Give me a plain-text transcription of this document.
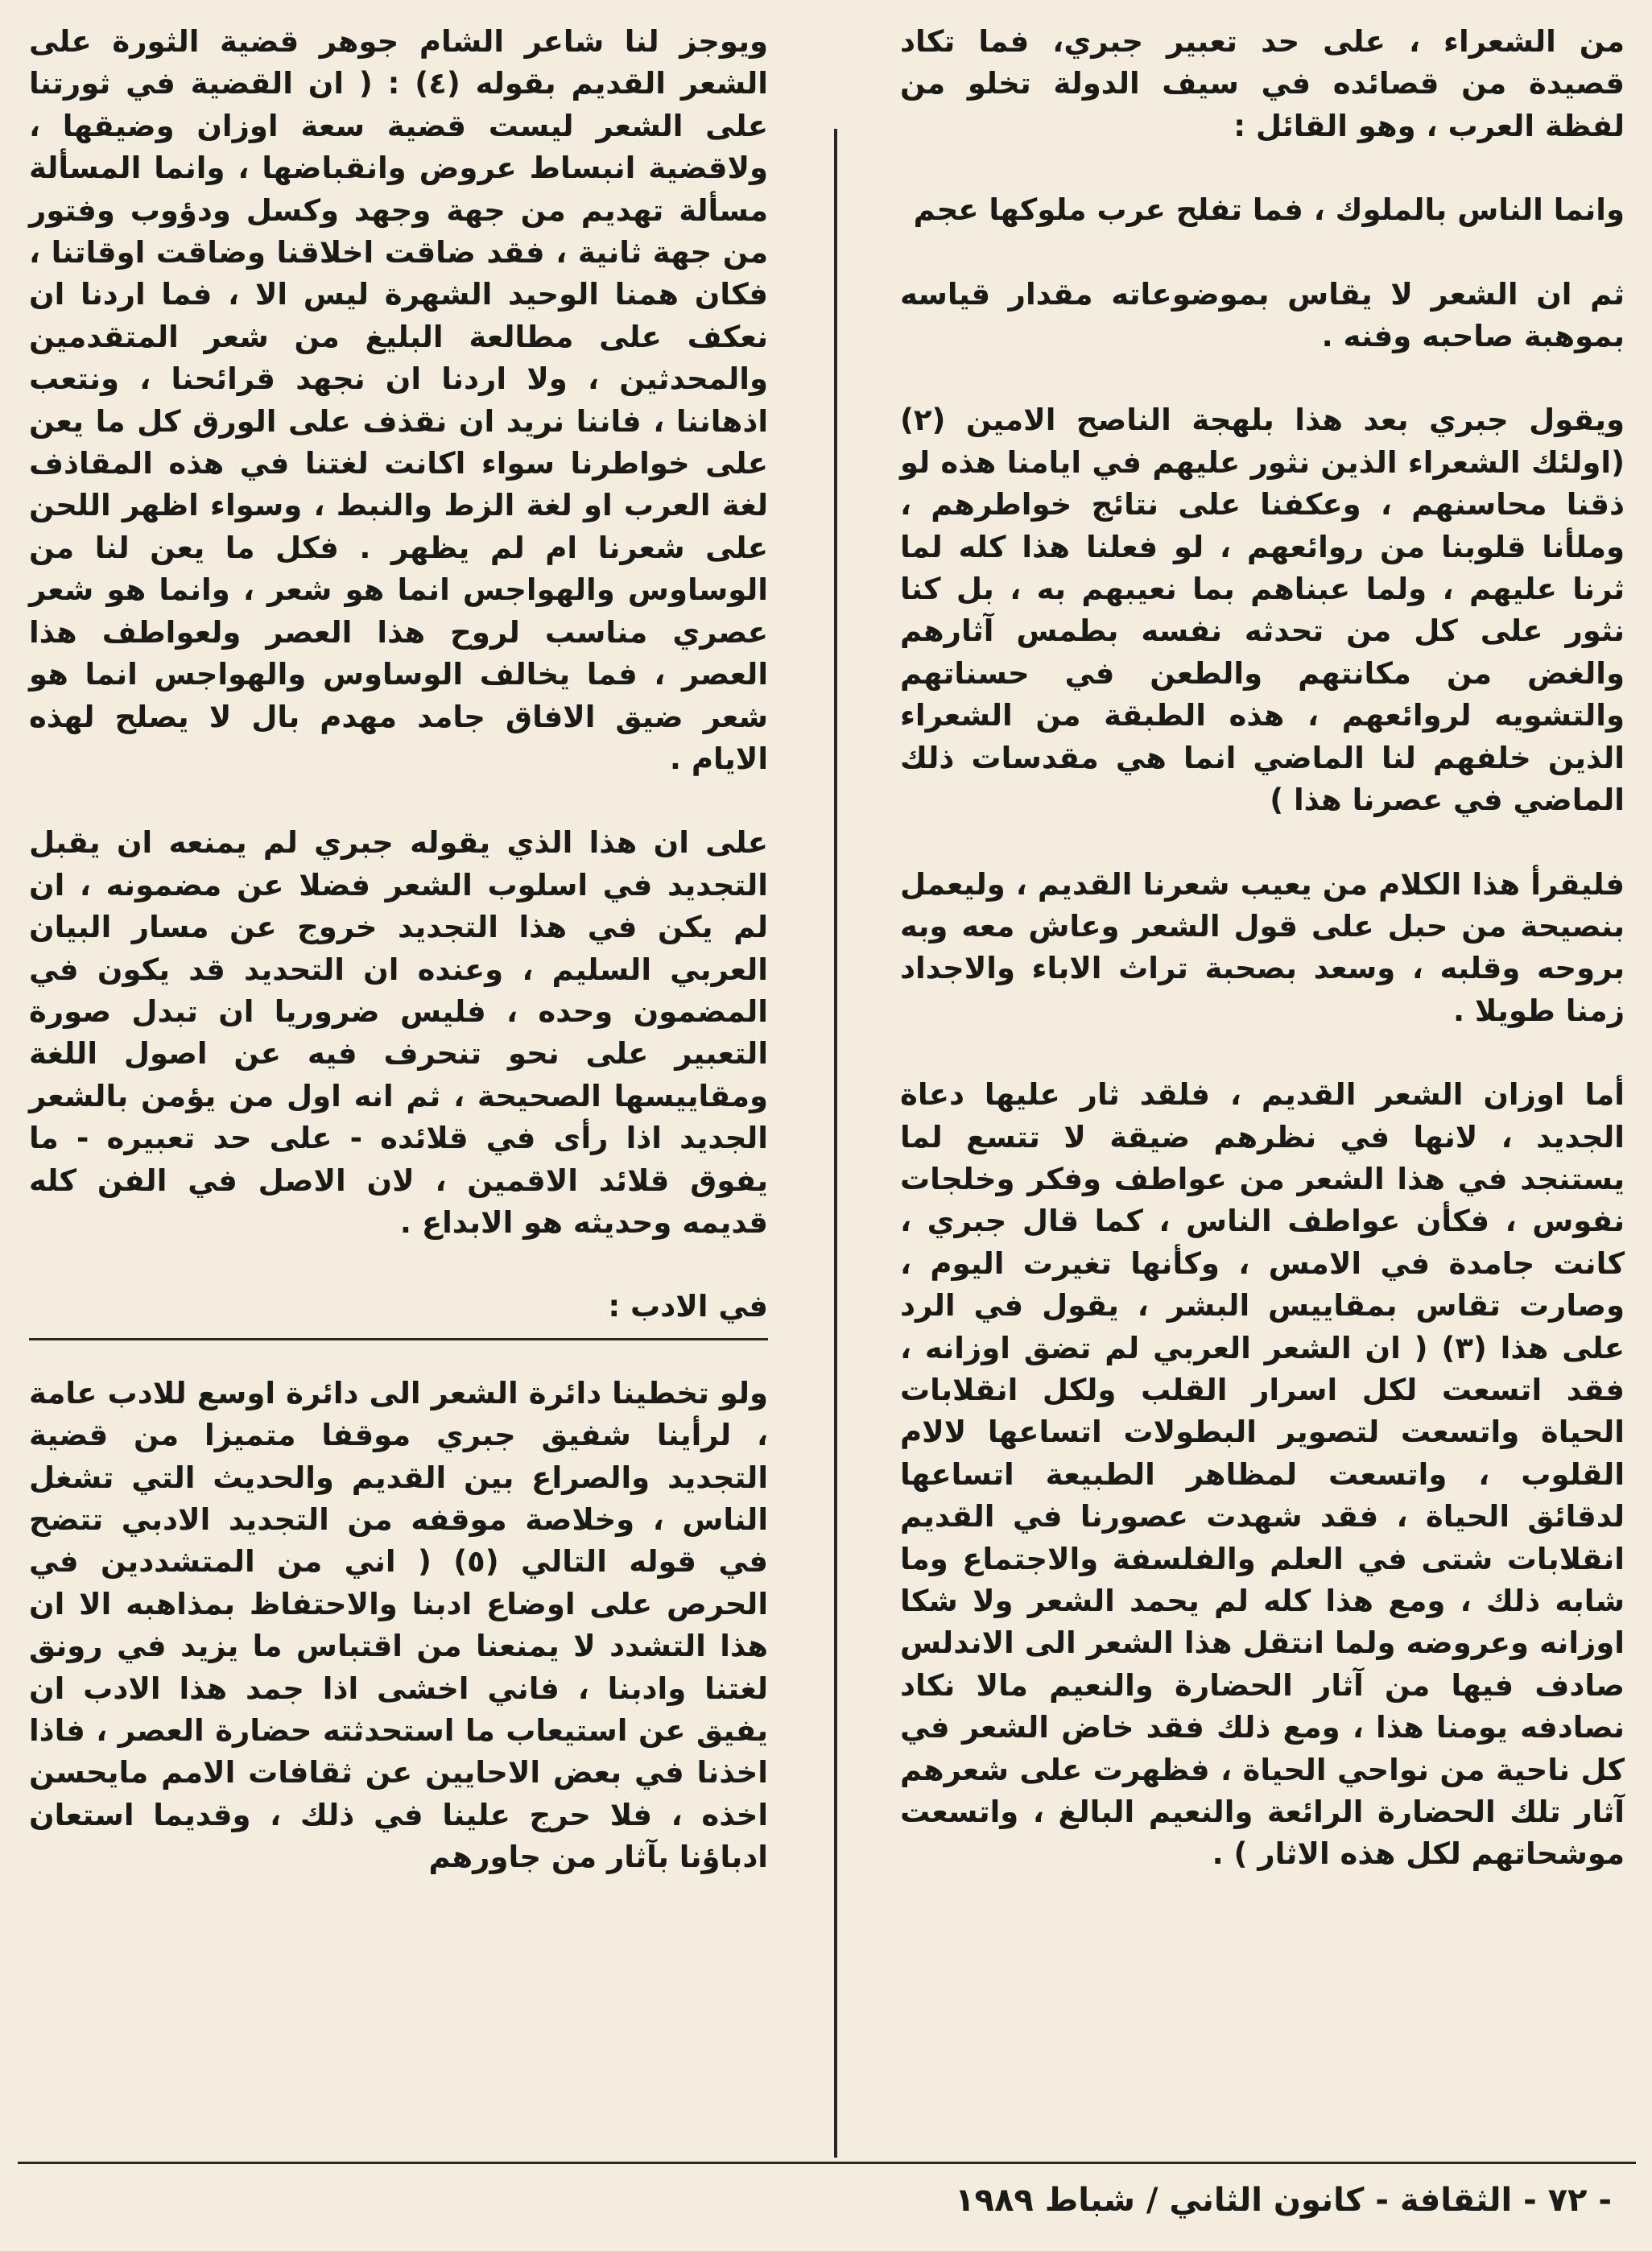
من الشعراء ، على حد تعبير جبري، فما تكاد قصيدة من قصائده في سيف الدولة تخلو من لفظة العرب ، وهو القائل :

وانما الناس بالملوك ، فما تفلح عرب ملوكها عجم

ثم ان الشعر لا يقاس بموضوعاته مقدار قياسه بموهبة صاحبه وفنه .

ويقول جبري بعد هذا بلهجة الناصح الامين (٢) (اولئك الشعراء الذين نثور عليهم في ايامنا هذه لو ذقنا محاسنهم ، وعكفنا على نتائج خواطرهم ، وملأنا قلوبنا من روائعهم ، لو فعلنا هذا كله لما ثرنا عليهم ، ولما عبناهم بما نعيبهم به ، بل كنا نثور على كل من تحدثه نفسه بطمس آثارهم والغض من مكانتهم والطعن في حسناتهم والتشويه لروائعهم ، هذه الطبقة من الشعراء الذين خلفهم لنا الماضي انما هي مقدسات ذلك الماضي في عصرنا هذا )

فليقرأ هذا الكلام من يعيب شعرنا القديم ، وليعمل بنصيحة من حبل على قول الشعر وعاش معه وبه بروحه وقلبه ، وسعد بصحبة تراث الاباء والاجداد زمنا طويلا .

أما اوزان الشعر القديم ، فلقد ثار عليها دعاة الجديد ، لانها في نظرهم ضيقة لا تتسع لما يستنجد في هذا الشعر من عواطف وفكر وخلجات نفوس ، فكأن عواطف الناس ، كما قال جبري ، كانت جامدة في الامس ، وكأنها تغيرت اليوم ، وصارت تقاس بمقاييس البشر ، يقول في الرد على هذا (٣) ( ان الشعر العربي لم تضق اوزانه ، فقد اتسعت لكل اسرار القلب ولكل انقلابات الحياة واتسعت لتصوير البطولات اتساعها لالام القلوب ، واتسعت لمظاهر الطبيعة اتساعها لدقائق الحياة ، فقد شهدت عصورنا في القديم انقلابات شتى في العلم والفلسفة والاجتماع وما شابه ذلك ، ومع هذا كله لم يحمد الشعر ولا شكا اوزانه وعروضه ولما انتقل هذا الشعر الى الاندلس صادف فيها من آثار الحضارة والنعيم مالا نكاد نصادفه يومنا هذا ، ومع ذلك فقد خاض الشعر في كل ناحية من نواحي الحياة ، فظهرت على شعرهم آثار تلك الحضارة الرائعة والنعيم البالغ ، واتسعت موشحاتهم لكل هذه الاثار ) .

ويوجز لنا شاعر الشام جوهر قضية الثورة على الشعر القديم بقوله (٤) : ( ان القضية في ثورتنا على الشعر ليست قضية سعة اوزان وضيقها ، ولاقضية انبساط عروض وانقباضها ، وانما المسألة مسألة تهديم من جهة وجهد وكسل ودؤوب وفتور من جهة ثانية ، فقد ضاقت اخلاقنا وضاقت اوقاتنا ، فكان همنا الوحيد الشهرة ليس الا ، فما اردنا ان نعكف على مطالعة البليغ من شعر المتقدمين والمحدثين ، ولا اردنا ان نجهد قرائحنا ، ونتعب اذهاننا ، فاننا نريد ان نقذف على الورق كل ما يعن على خواطرنا سواء اكانت لغتنا في هذه المقاذف لغة العرب او لغة الزط والنبط ، وسواء اظهر اللحن على شعرنا ام لم يظهر . فكل ما يعن لنا من الوساوس والهواجس انما هو شعر ، وانما هو شعر عصري مناسب لروح هذا العصر ولعواطف هذا العصر ، فما يخالف الوساوس والهواجس انما هو شعر ضيق الافاق جامد مهدم بال لا يصلح لهذه الايام .

على ان هذا الذي يقوله جبري لم يمنعه ان يقبل التجديد في اسلوب الشعر فضلا عن مضمونه ، ان لم يكن في هذا التجديد خروج عن مسار البيان العربي السليم ، وعنده ان التحديد قد يكون في المضمون وحده ، فليس ضروريا ان تبدل صورة التعبير على نحو تنحرف فيه عن اصول اللغة ومقاييسها الصحيحة ، ثم انه اول من يؤمن بالشعر الجديد اذا رأى في قلائده - على حد تعبيره - ما يفوق قلائد الاقمين ، لان الاصل في الفن كله قديمه وحديثه هو الابداع .

في الادب :

ولو تخطينا دائرة الشعر الى دائرة اوسع للادب عامة ، لرأينا شفيق جبري موقفا متميزا من قضية التجديد والصراع بين القديم والحديث التي تشغل الناس ، وخلاصة موقفه من التجديد الادبي تتضح في قوله التالي (٥) ( اني من المتشددين في الحرص على اوضاع ادبنا والاحتفاظ بمذاهبه الا ان هذا التشدد لا يمنعنا من اقتباس ما يزيد في رونق لغتنا وادبنا ، فاني اخشى اذا جمد هذا الادب ان يفيق عن استيعاب ما استحدثته حضارة العصر ، فاذا اخذنا في بعض الاحايين عن ثقافات الامم مايحسن اخذه ، فلا حرج علينا في ذلك ، وقديما استعان ادباؤنا بآثار من جاورهم

- ٧٢ - الثقافة - كانون الثاني / شباط ١٩٨٩
